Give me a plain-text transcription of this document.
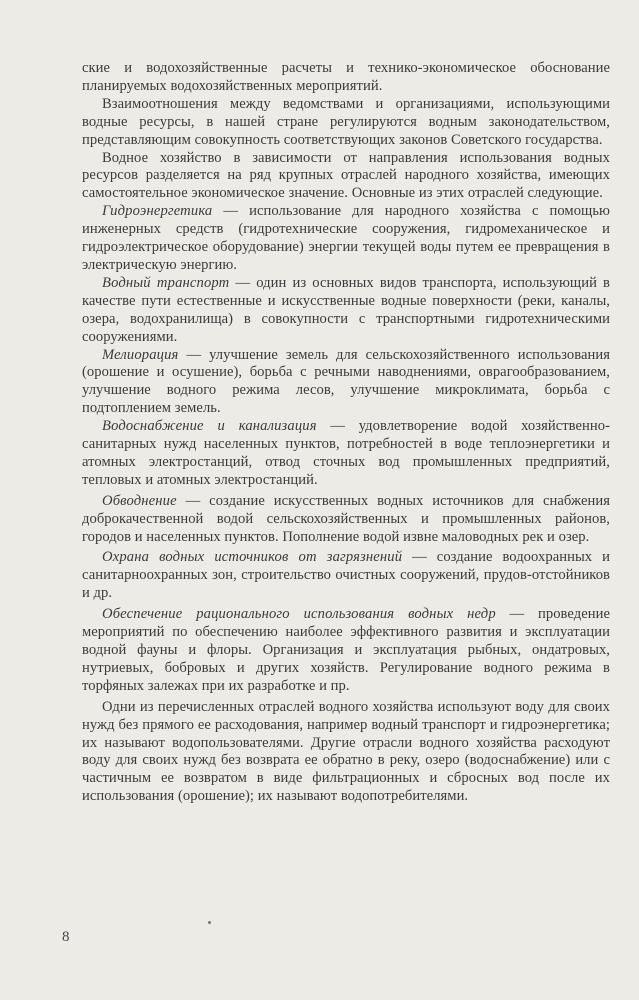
ские и водохозяйственные расчеты и технико-экономическое обоснование планируемых водохозяйственных мероприятий.

Взаимоотношения между ведомствами и организациями, использующими водные ресурсы, в нашей стране регулируются водным законодательством, представляющим совокупность соответствующих законов Советского государства.

Водное хозяйство в зависимости от направления использования водных ресурсов разделяется на ряд крупных отраслей народного хозяйства, имеющих самостоятельное экономическое значение. Основные из этих отраслей следующие.

Гидроэнергетика — использование для народного хозяйства с помощью инженерных средств (гидротехнические сооружения, гидромеханическое и гидроэлектрическое оборудование) энергии текущей воды путем ее превращения в электрическую энергию.

Водный транспорт — один из основных видов транспорта, использующий в качестве пути естественные и искусственные водные поверхности (реки, каналы, озера, водохранилища) в совокупности с транспортными гидротехническими сооружениями.

Мелиорация — улучшение земель для сельскохозяйственного использования (орошение и осушение), борьба с речными наводнениями, оврагообразованием, улучшение водного режима лесов, улучшение микроклимата, борьба с подтоплением земель.

Водоснабжение и канализация — удовлетворение водой хозяйственно-санитарных нужд населенных пунктов, потребностей в воде теплоэнергетики и атомных электростанций, отвод сточных вод промышленных предприятий, тепловых и атомных электростанций.

Обводнение — создание искусственных водных источников для снабжения доброкачественной водой сельскохозяйственных и промышленных районов, городов и населенных пунктов. Пополнение водой извне маловодных рек и озер.

Охрана водных источников от загрязнений — создание водоохранных и санитарноохранных зон, строительство очистных сооружений, прудов-отстойников и др.

Обеспечение рационального использования водных недр — проведение мероприятий по обеспечению наиболее эффективного развития и эксплуатации водной фауны и флоры. Организация и эксплуатация рыбных, ондатровых, нутриевых, бобровых и других хозяйств. Регулирование водного режима в торфяных залежах при их разработке и пр.

Одни из перечисленных отраслей водного хозяйства используют воду для своих нужд без прямого ее расходования, например водный транспорт и гидроэнергетика; их называют водопользователями. Другие отрасли водного хозяйства расходуют воду для своих нужд без возврата ее обратно в реку, озеро (водоснабжение) или с частичным ее возвратом в виде фильтрационных и сбросных вод после их использования (орошение); их называют водопотребителями.

8
